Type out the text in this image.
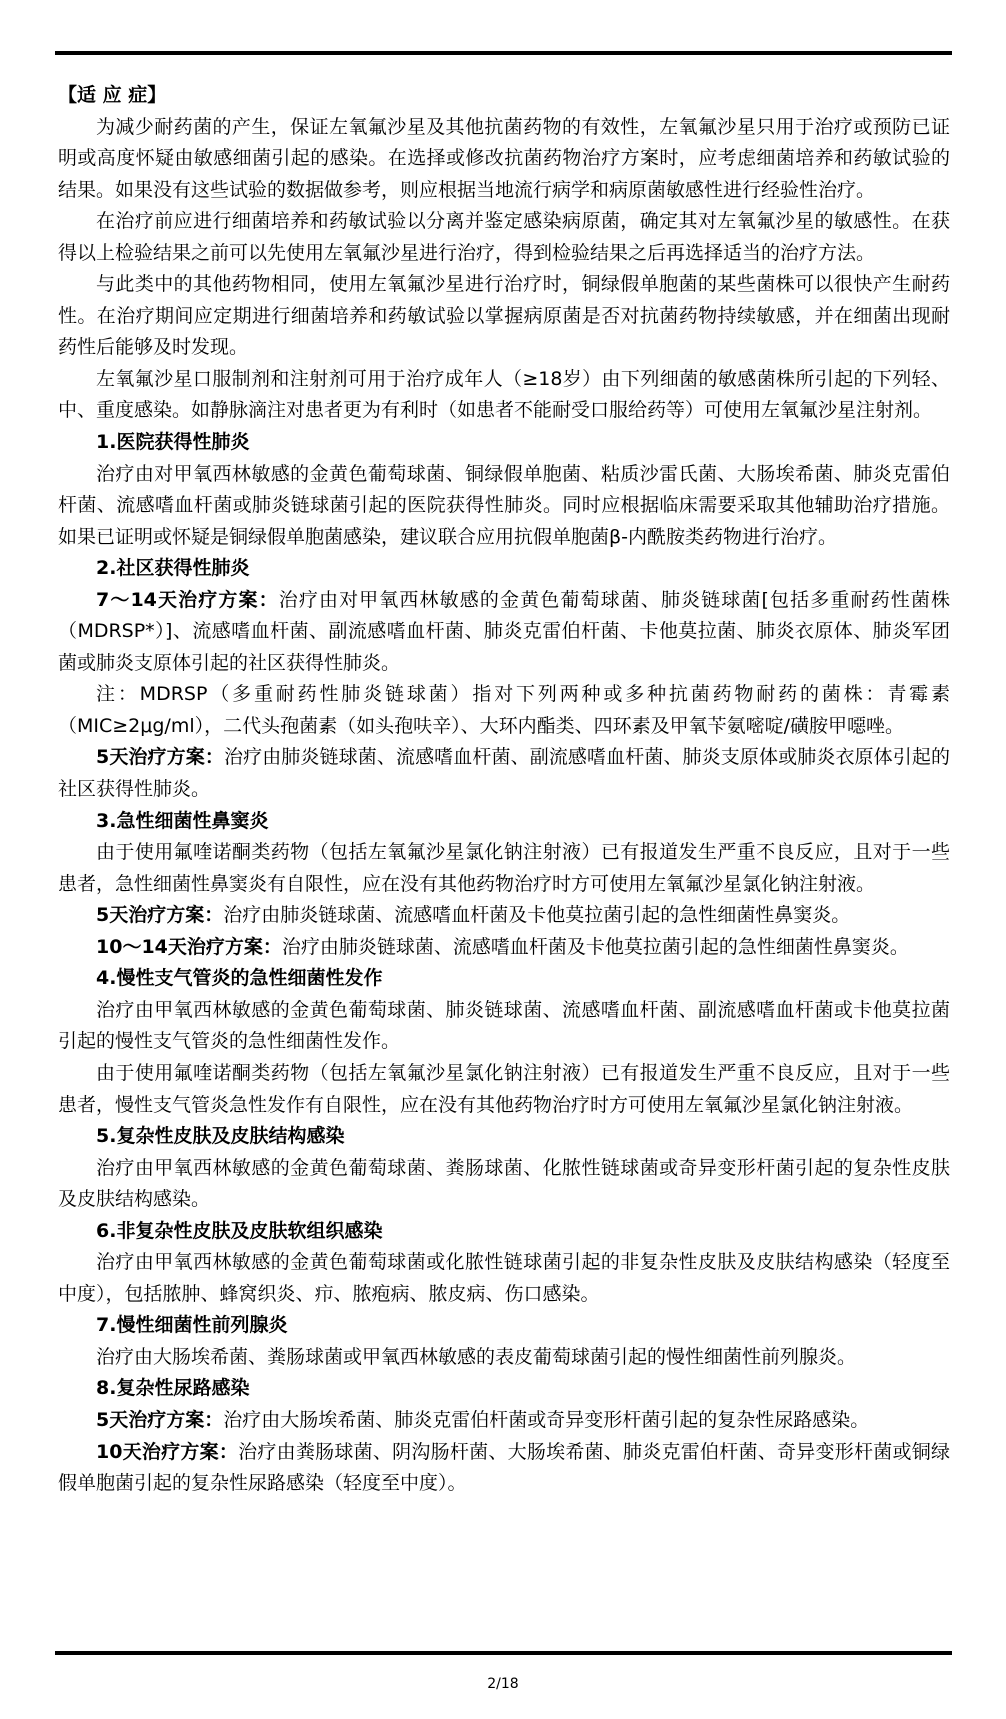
【适 应 症】

为减少耐药菌的产生，保证左氧氟沙星及其他抗菌药物的有效性，左氧氟沙星只用于治疗或预防已证明或高度怀疑由敏感细菌引起的感染。在选择或修改抗菌药物治疗方案时，应考虑细菌培养和药敏试验的结果。如果没有这些试验的数据做参考，则应根据当地流行病学和病原菌敏感性进行经验性治疗。

在治疗前应进行细菌培养和药敏试验以分离并鉴定感染病原菌，确定其对左氧氟沙星的敏感性。在获得以上检验结果之前可以先使用左氧氟沙星进行治疗，得到检验结果之后再选择适当的治疗方法。

与此类中的其他药物相同，使用左氧氟沙星进行治疗时，铜绿假单胞菌的某些菌株可以很快产生耐药性。在治疗期间应定期进行细菌培养和药敏试验以掌握病原菌是否对抗菌药物持续敏感，并在细菌出现耐药性后能够及时发现。

左氧氟沙星口服制剂和注射剂可用于治疗成年人（≥18岁）由下列细菌的敏感菌株所引起的下列轻、中、重度感染。如静脉滴注对患者更为有利时（如患者不能耐受口服给药等）可使用左氧氟沙星注射剂。

1.医院获得性肺炎

治疗由对甲氧西林敏感的金黄色葡萄球菌、铜绿假单胞菌、粘质沙雷氏菌、大肠埃希菌、肺炎克雷伯杆菌、流感嗜血杆菌或肺炎链球菌引起的医院获得性肺炎。同时应根据临床需要采取其他辅助治疗措施。如果已证明或怀疑是铜绿假单胞菌感染，建议联合应用抗假单胞菌β-内酰胺类药物进行治疗。

2.社区获得性肺炎

7～14天治疗方案：治疗由对甲氧西林敏感的金黄色葡萄球菌、肺炎链球菌[包括多重耐药性菌株（MDRSP*）]、流感嗜血杆菌、副流感嗜血杆菌、肺炎克雷伯杆菌、卡他莫拉菌、肺炎衣原体、肺炎军团菌或肺炎支原体引起的社区获得性肺炎。

注：MDRSP（多重耐药性肺炎链球菌）指对下列两种或多种抗菌药物耐药的菌株：青霉素（MIC≥2μg/ml），二代头孢菌素（如头孢呋辛）、大环内酯类、四环素及甲氧苄氨嘧啶/磺胺甲噁唑。

5天治疗方案：治疗由肺炎链球菌、流感嗜血杆菌、副流感嗜血杆菌、肺炎支原体或肺炎衣原体引起的社区获得性肺炎。

3.急性细菌性鼻窦炎

由于使用氟喹诺酮类药物（包括左氧氟沙星氯化钠注射液）已有报道发生严重不良反应，且对于一些患者，急性细菌性鼻窦炎有自限性，应在没有其他药物治疗时方可使用左氧氟沙星氯化钠注射液。

5天治疗方案：治疗由肺炎链球菌、流感嗜血杆菌及卡他莫拉菌引起的急性细菌性鼻窦炎。

10～14天治疗方案：治疗由肺炎链球菌、流感嗜血杆菌及卡他莫拉菌引起的急性细菌性鼻窦炎。

4.慢性支气管炎的急性细菌性发作

治疗由甲氧西林敏感的金黄色葡萄球菌、肺炎链球菌、流感嗜血杆菌、副流感嗜血杆菌或卡他莫拉菌引起的慢性支气管炎的急性细菌性发作。

由于使用氟喹诺酮类药物（包括左氧氟沙星氯化钠注射液）已有报道发生严重不良反应，且对于一些患者，慢性支气管炎急性发作有自限性，应在没有其他药物治疗时方可使用左氧氟沙星氯化钠注射液。

5.复杂性皮肤及皮肤结构感染

治疗由甲氧西林敏感的金黄色葡萄球菌、粪肠球菌、化脓性链球菌或奇异变形杆菌引起的复杂性皮肤及皮肤结构感染。

6.非复杂性皮肤及皮肤软组织感染

治疗由甲氧西林敏感的金黄色葡萄球菌或化脓性链球菌引起的非复杂性皮肤及皮肤结构感染（轻度至中度），包括脓肿、蜂窝织炎、疖、脓疱病、脓皮病、伤口感染。

7.慢性细菌性前列腺炎

治疗由大肠埃希菌、粪肠球菌或甲氧西林敏感的表皮葡萄球菌引起的慢性细菌性前列腺炎。

8.复杂性尿路感染

5天治疗方案：治疗由大肠埃希菌、肺炎克雷伯杆菌或奇异变形杆菌引起的复杂性尿路感染。

10天治疗方案：治疗由粪肠球菌、阴沟肠杆菌、大肠埃希菌、肺炎克雷伯杆菌、奇异变形杆菌或铜绿假单胞菌引起的复杂性尿路感染（轻度至中度）。

2/18
